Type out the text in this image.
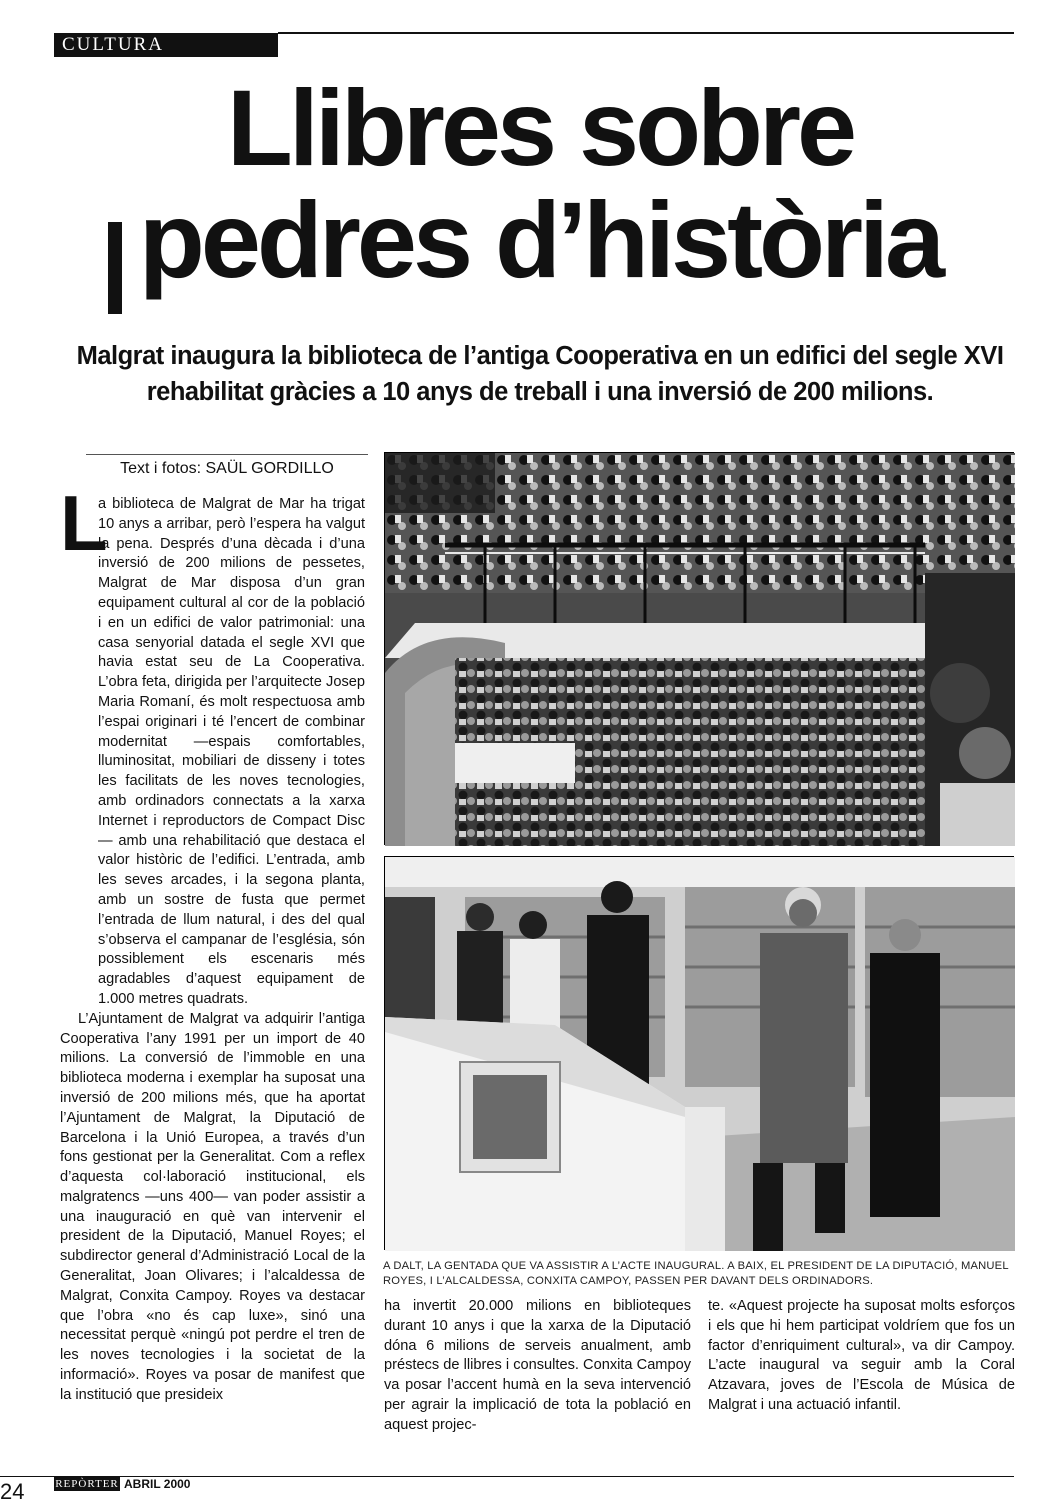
CULTURA
Llibres sobre
pedres d’història

Malgrat inaugura la biblioteca de l’antiga Cooperativa en un edifici del segle XVI rehabilitat gràcies a 10 anys de treball i una inversió de 200 milions.

Text i fotos: SAÜL GORDILLO
L

a biblioteca de Malgrat de Mar ha trigat 10 anys a arribar, però l’espera ha valgut la pena. Després d’una dècada i d’una inversió de 200 milions de pessetes, Malgrat de Mar disposa d’un gran equipament cultural al cor de la població i en un edifici de valor patrimonial: una casa senyorial datada el segle XVI que havia estat seu de La Cooperativa. L’obra feta, dirigida per l’arquitecte Josep Maria Romaní, és molt respectuosa amb l’espai originari i té l’encert de combinar modernitat —espais comfortables, lluminositat, mobiliari de disseny i totes les facilitats de les noves tecnologies, amb ordinadors connectats a la xarxa Internet i reproductors de Compact Disc— amb una rehabilitació que destaca el valor històric de l’edifici. L’entrada, amb les seves arcades, i la segona planta, amb un sostre de fusta que permet l’entrada de llum natural, i des del qual s’observa el campanar de l’església, són possiblement els escenaris més agradables d’aquest equipament de 1.000 metres quadrats.

L’Ajuntament de Malgrat va adquirir l’antiga Cooperativa l’any 1991 per un import de 40 milions. La conversió de l’immoble en una biblioteca moderna i exemplar ha suposat una inversió de 200 milions més, que ha aportat l’Ajuntament de Malgrat, la Diputació de Barcelona i la Unió Europea, a través d’un fons gestionat per la Generalitat. Com a reflex d’aquesta col·laboració institucional, els malgratencs —uns 400— van poder assistir a una inauguració en què van intervenir el president de la Diputació, Manuel Royes; el subdirector general d’Administració Local de la Generalitat, Joan Olivares; i l’alcaldessa de Malgrat, Conxita Campoy. Royes va destacar que l’obra «no és cap luxe», sinó una necessitat perquè «ningú pot perdre el tren de les noves tecnologies i la societat de la informació». Royes va posar de manifest que la institució que presideix

A DALT, LA GENTADA QUE VA ASSISTIR A L’ACTE INAUGURAL. A BAIX, EL PRESIDENT DE LA DIPUTACIÓ, MANUEL ROYES, I L’ALCALDESSA, CONXITA CAMPOY, PASSEN PER DAVANT DELS ORDINADORS.

ha invertit 20.000 milions en biblioteques durant 10 anys i que la xarxa de la Diputació dóna 6 milions de serveis anualment, amb préstecs de llibres i consultes. Conxita Campoy va posar l’accent humà en la seva intervenció per agrair la implicació de tota la població en aquest projec-
te. «Aquest projecte ha suposat molts esforços i els que hi hem participat voldríem que fos un factor d’enriquiment cultural», va dir Campoy. L’acte inaugural va seguir amb la Coral Atzavara, joves de l’Escola de Música de Malgrat i una actuació infantil.
REPÒRTER ABRIL 2000
24
